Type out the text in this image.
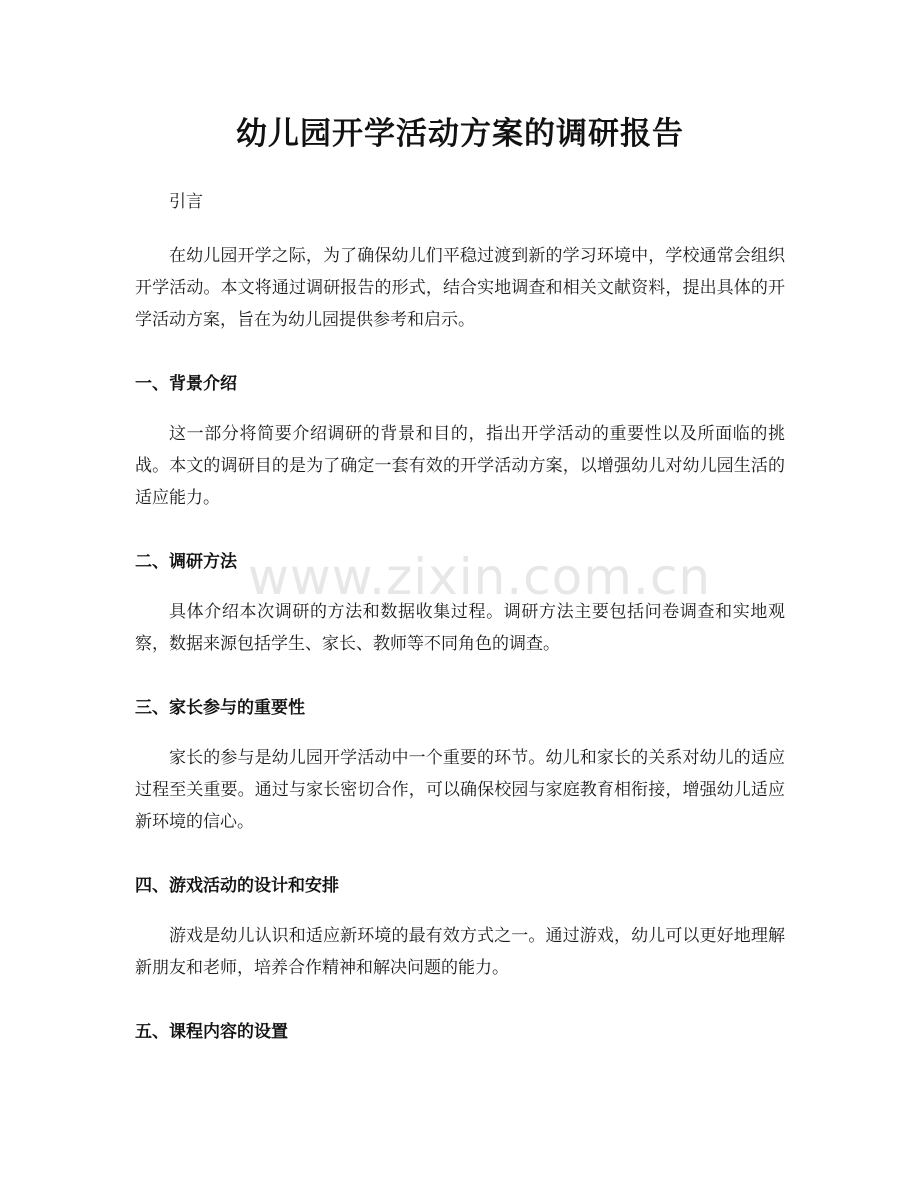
幼儿园开学活动方案的调研报告

引言

在幼儿园开学之际，为了确保幼儿们平稳过渡到新的学习环境中，学校通常会组织开学活动。本文将通过调研报告的形式，结合实地调查和相关文献资料，提出具体的开学活动方案，旨在为幼儿园提供参考和启示。

一、背景介绍

这一部分将简要介绍调研的背景和目的，指出开学活动的重要性以及所面临的挑战。本文的调研目的是为了确定一套有效的开学活动方案，以增强幼儿对幼儿园生活的适应能力。

二、调研方法

具体介绍本次调研的方法和数据收集过程。调研方法主要包括问卷调查和实地观察，数据来源包括学生、家长、教师等不同角色的调查。

三、家长参与的重要性

家长的参与是幼儿园开学活动中一个重要的环节。幼儿和家长的关系对幼儿的适应过程至关重要。通过与家长密切合作，可以确保校园与家庭教育相衔接，增强幼儿适应新环境的信心。

四、游戏活动的设计和安排

游戏是幼儿认识和适应新环境的最有效方式之一。通过游戏，幼儿可以更好地理解新朋友和老师，培养合作精神和解决问题的能力。

五、课程内容的设置
www.zixin.com.cn
